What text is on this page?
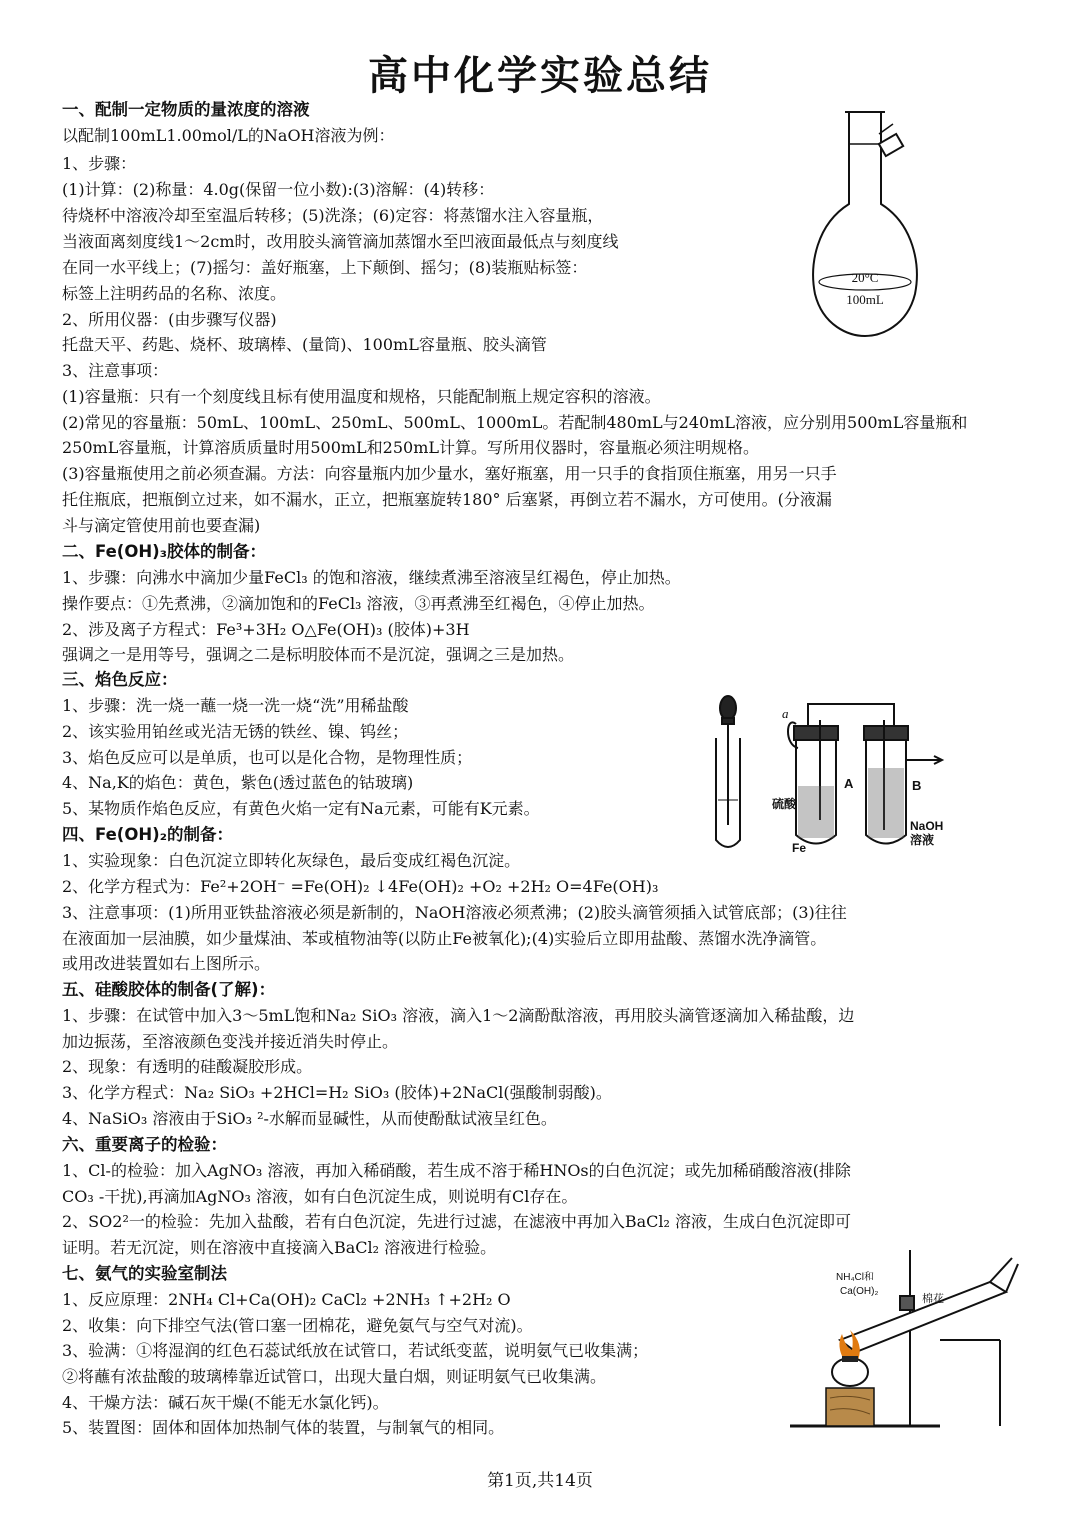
高中化学实验总结
一、配制一定物质的量浓度的溶液
以配制100mL1.00mol/L的NaOH溶液为例：
1、步骤：
(1)计算：(2)称量：4.0g(保留一位小数):(3)溶解：(4)转移：
待烧杯中溶液冷却至室温后转移；(5)洗涤；(6)定容：将蒸馏水注入容量瓶，
当液面离刻度线1～2cm时，改用胶头滴管滴加蒸馏水至凹液面最低点与刻度线
在同一水平线上；(7)摇匀：盖好瓶塞，上下颠倒、摇匀；(8)装瓶贴标签：
标签上注明药品的名称、浓度。
2、所用仪器：(由步骤写仪器)
托盘天平、药匙、烧杯、玻璃棒、(量筒)、100mL容量瓶、胶头滴管
3、注意事项：
(1)容量瓶：只有一个刻度线且标有使用温度和规格，只能配制瓶上规定容积的溶液。
(2)常见的容量瓶：50mL、100mL、250mL、500mL、1000mL。若配制480mL与240mL溶液，应分别用500mL容量瓶和
250mL容量瓶，计算溶质质量时用500mL和250mL计算。写所用仪器时，容量瓶必须注明规格。
(3)容量瓶使用之前必须查漏。方法：向容量瓶内加少量水，塞好瓶塞，用一只手的食指顶住瓶塞，用另一只手
托住瓶底，把瓶倒立过来，如不漏水，正立，把瓶塞旋转180° 后塞紧，再倒立若不漏水，方可使用。(分液漏
斗与滴定管使用前也要查漏)
二、Fe(OH)₃胶体的制备：
1、步骤：向沸水中滴加少量FeCl₃ 的饱和溶液，继续煮沸至溶液呈红褐色，停止加热。
操作要点：①先煮沸，②滴加饱和的FeCl₃ 溶液，③再煮沸至红褐色，④停止加热。
2、涉及离子方程式：Fe³+3H₂ O△Fe(OH)₃ (胶体)+3H
强调之一是用等号，强调之二是标明胶体而不是沉淀，强调之三是加热。
三、焰色反应：
1、步骤：洗一烧一蘸一烧一洗一烧“洗”用稀盐酸
2、该实验用铂丝或光洁无锈的铁丝、镍、钨丝；
3、焰色反应可以是单质，也可以是化合物，是物理性质；
4、Na,K的焰色：黄色，紫色(透过蓝色的钴玻璃)
5、某物质作焰色反应，有黄色火焰一定有Na元素，可能有K元素。
四、Fe(OH)₂的制备：
1、实验现象：白色沉淀立即转化灰绿色，最后变成红褐色沉淀。
2、化学方程式为：Fe²+2OH⁻ =Fe(OH)₂ ↓4Fe(OH)₂ +O₂ +2H₂ O=4Fe(OH)₃
3、注意事项：(1)所用亚铁盐溶液必须是新制的，NaOH溶液必须煮沸；(2)胶头滴管须插入试管底部；(3)往往
在液面加一层油膜，如少量煤油、苯或植物油等(以防止Fe被氧化);(4)实验后立即用盐酸、蒸馏水洗净滴管。
或用改进装置如右上图所示。
五、硅酸胶体的制备(了解)：
1、步骤：在试管中加入3～5mL饱和Na₂ SiO₃ 溶液，滴入1～2滴酚酞溶液，再用胶头滴管逐滴加入稀盐酸，边
加边振荡，至溶液颜色变浅并接近消失时停止。
2、现象：有透明的硅酸凝胶形成。
3、化学方程式：Na₂ SiO₃ +2HCl=H₂ SiO₃ (胶体)+2NaCl(强酸制弱酸)。
4、NaSiO₃ 溶液由于SiO₃ ²-水解而显碱性，从而使酚酞试液呈红色。
六、重要离子的检验：
1、Cl-的检验：加入AgNO₃ 溶液，再加入稀硝酸，若生成不溶于稀HNOs的白色沉淀；或先加稀硝酸溶液(排除
CO₃ -干扰),再滴加AgNO₃ 溶液，如有白色沉淀生成，则说明有Cl存在。
2、SO2²一的检验：先加入盐酸，若有白色沉淀，先进行过滤，在滤液中再加入BaCl₂ 溶液，生成白色沉淀即可
证明。若无沉淀，则在溶液中直接滴入BaCl₂ 溶液进行检验。
七、氨气的实验室制法
1、反应原理：2NH₄ Cl+Ca(OH)₂ CaCl₂ +2NH₃ ↑+2H₂ O
2、收集：向下排空气法(管口塞一团棉花，避免氨气与空气对流)。
3、验满：①将湿润的红色石蕊试纸放在试管口，若试纸变蓝，说明氨气已收集满；
②将蘸有浓盐酸的玻璃棒靠近试管口，出现大量白烟，则证明氨气已收集满。
4、干燥方法：碱石灰干燥(不能无水氯化钙)。
5、装置图：固体和固体加热制气体的装置，与制氧气的相同。
20°C
100mL
a
A	B
硫酸
Fe
NaOH
溶液
NH₄Cl和
Ca(OH)₂
棉花
第1页,共14页
